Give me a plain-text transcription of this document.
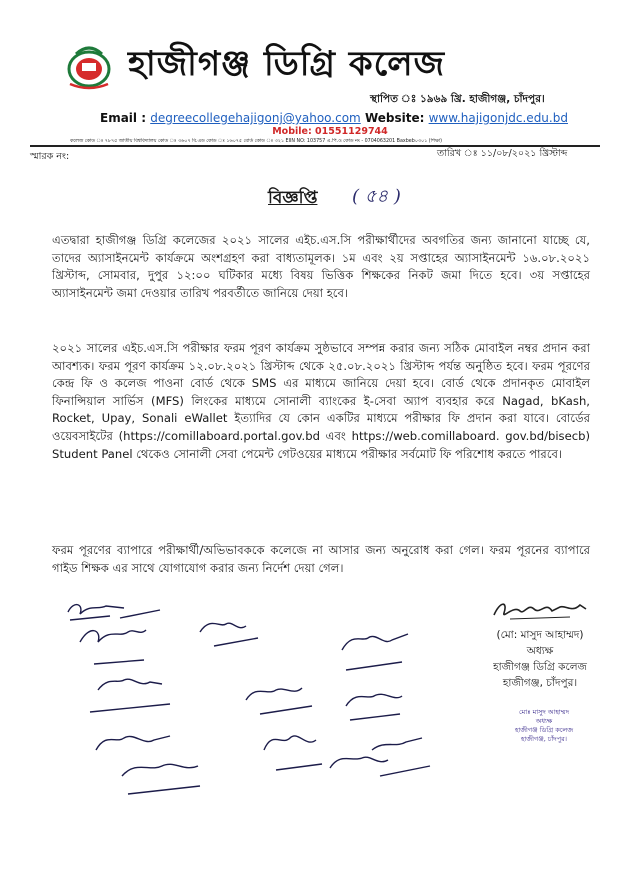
হাজীগঞ্জ ডিগ্রি কলেজ
স্থাপিত ঃ ১৯৬৯ খ্রি. হাজীগঞ্জ, চাঁদপুর।
Email : degreecollegehajigonj@yahoo.com Website: www.hajigonjdc.edu.bd
Mobile: 01551129744
কলেজ কোড ঃ ৭৮৭৫ জাতীয় বিশ্ববিদ্যালয় কোড ঃ ৩৬০৭ বি.এড কোড ঃ ১৬০৭৫ বোর্ড কোড ঃ ৩২১ EIIN NO: 103757 এ.পি.ও কোড নং - 0704063201 Baxbeb০৩০১ (শিক্ষা)
স্মারক নং:	তারিখ ঃ ১১/০৮/২০২১ খ্রিস্টাব্দ
বিজ্ঞপ্তি ( ৫৪ )
এতদ্বারা হাজীগঞ্জ ডিগ্রি কলেজের ২০২১ সালের এইচ.এস.সি পরীক্ষার্থীদের অবগতির জন্য জানানো যাচ্ছে যে, তাদের অ্যাসাইনমেন্ট কার্যক্রমে অংশগ্রহণ করা বাধ্যতামূলক। ১ম এবং ২য় সপ্তাহের অ্যাসাইনমেন্ট ১৬.০৮.২০২১ খ্রিস্টাব্দ, সোমবার, দুপুর ১২:০০ ঘটিকার মধ্যে বিষয় ভিত্তিক শিক্ষকের নিকট জমা দিতে হবে। ৩য় সপ্তাহের অ্যাসাইনমেন্ট জমা দেওয়ার তারিখ পরবর্তীতে জানিয়ে দেয়া হবে।
২০২১ সালের এইচ.এস.সি পরীক্ষার ফরম পূরণ কার্যক্রম সুষ্ঠভাবে সম্পন্ন করার জন্য সঠিক মোবাইল নম্বর প্রদান করা আবশ্যক। ফরম পূরণ কার্যক্রম ১২.০৮.২০২১ খ্রিস্টাব্দ থেকে ২৫.০৮.২০২১ খ্রিস্টাব্দ পর্যন্ত অনুষ্ঠিত হবে। ফরম পূরণের কেন্দ্র ফি ও কলেজ পাওনা বোর্ড থেকে SMS এর মাধ্যমে জানিয়ে দেয়া হবে। বোর্ড থেকে প্রদানকৃত মোবাইল ফিনান্সিয়াল সার্ভিস (MFS) লিংকের মাধ্যমে সোনালী ব্যাংকের ই-সেবা অ্যাপ ব্যবহার করে Nagad, bKash, Rocket, Upay, Sonali eWallet ইত্যাদির যে কোন একটির মাধ্যমে পরীক্ষার ফি প্রদান করা যাবে। বোর্ডের ওয়েবসাইটের (https://comillaboard.portal.gov.bd এবং https://web.comillaboard. gov.bd/bisecb) Student Panel থেকেও সোনালী সেবা পেমেন্ট গেটওয়ের মাধ্যমে পরীক্ষার সর্বমোট ফি পরিশোধ করতে পারবে।
ফরম পূরণের ব্যাপারে পরীক্ষার্থী/অভিভাবককে কলেজে না আসার জন্য অনুরোধ করা গেল। ফরম পূরনের ব্যাপারে গাইড শিক্ষক এর সাথে যোগাযোগ করার জন্য নির্দেশ দেয়া গেল।
(মো: মাসুদ আহাম্মদ)
অধ্যক্ষ
হাজীগঞ্জ ডিগ্রি কলেজ
হাজীগঞ্জ, চাঁদপুর।
মোঃ মাসুদ আহাম্মদ
অধ্যক্ষ
হাজীগঞ্জ ডিগ্রি কলেজ
হাজীগঞ্জ, চাঁদপুর।
